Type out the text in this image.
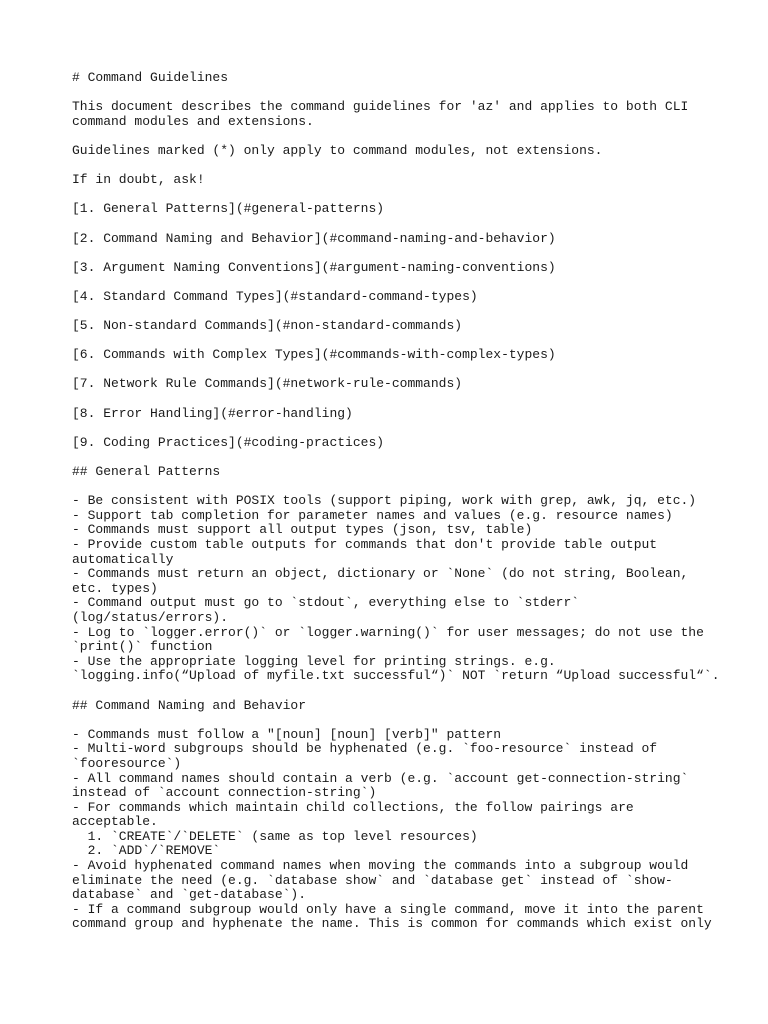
# Command Guidelines
This document describes the command guidelines for 'az' and applies to both CLI
command modules and extensions.
Guidelines marked (*) only apply to command modules, not extensions.
If in doubt, ask!
[1. General Patterns](#general-patterns)
[2. Command Naming and Behavior](#command-naming-and-behavior)
[3. Argument Naming Conventions](#argument-naming-conventions)
[4. Standard Command Types](#standard-command-types)
[5. Non-standard Commands](#non-standard-commands)
[6. Commands with Complex Types](#commands-with-complex-types)
[7. Network Rule Commands](#network-rule-commands)
[8. Error Handling](#error-handling)
[9. Coding Practices](#coding-practices)
## General Patterns
- Be consistent with POSIX tools (support piping, work with grep, awk, jq, etc.)
- Support tab completion for parameter names and values (e.g. resource names)
- Commands must support all output types (json, tsv, table)
- Provide custom table outputs for commands that don't provide table output
automatically
- Commands must return an object, dictionary or `None` (do not string, Boolean,
etc. types)
- Command output must go to `stdout`, everything else to `stderr`
(log/status/errors).
- Log to `logger.error()` or `logger.warning()` for user messages; do not use the
`print()` function
- Use the appropriate logging level for printing strings. e.g.
`logging.info(“Upload of myfile.txt successful“)` NOT `return “Upload successful“`.
## Command Naming and Behavior
- Commands must follow a "[noun] [noun] [verb]" pattern
- Multi-word subgroups should be hyphenated (e.g. `foo-resource` instead of
`fooresource`)
- All command names should contain a verb (e.g. `account get-connection-string`
instead of `account connection-string`)
- For commands which maintain child collections, the follow pairings are
acceptable.
1. `CREATE`/`DELETE` (same as top level resources)
2. `ADD`/`REMOVE`
- Avoid hyphenated command names when moving the commands into a subgroup would
eliminate the need (e.g. `database show` and `database get` instead of `show-
database` and `get-database`).
- If a command subgroup would only have a single command, move it into the parent
command group and hyphenate the name. This is common for commands which exist only
